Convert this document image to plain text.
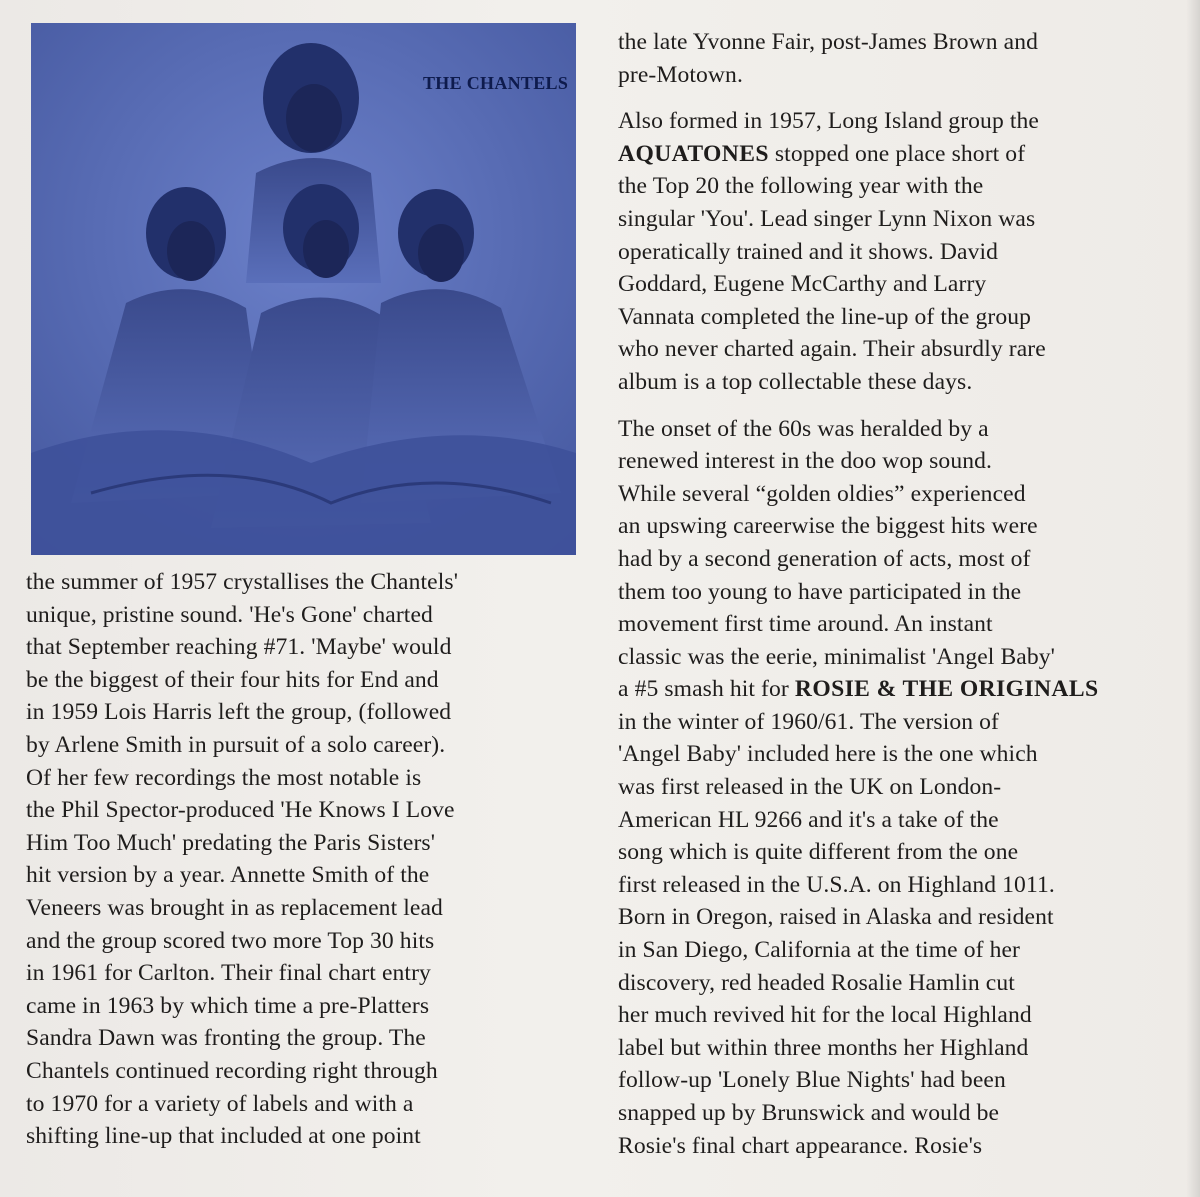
THE CHANTELS
the summer of 1957 crystallises the Chantels'
unique, pristine sound. 'He's Gone' charted
that September reaching #71. 'Maybe' would
be the biggest of their four hits for End and
in 1959 Lois Harris left the group, (followed
by Arlene Smith in pursuit of a solo career).
Of her few recordings the most notable is
the Phil Spector-produced 'He Knows I Love
Him Too Much' predating the Paris Sisters'
hit version by a year. Annette Smith of the
Veneers was brought in as replacement lead
and the group scored two more Top 30 hits
in 1961 for Carlton. Their final chart entry
came in 1963 by which time a pre-Platters
Sandra Dawn was fronting the group. The
Chantels continued recording right through
to 1970 for a variety of labels and with a
shifting line-up that included at one point
the late Yvonne Fair, post-James Brown and
pre-Motown.
Also formed in 1957, Long Island group the
AQUATONES stopped one place short of
the Top 20 the following year with the
singular 'You'. Lead singer Lynn Nixon was
operatically trained and it shows. David
Goddard, Eugene McCarthy and Larry
Vannata completed the line-up of the group
who never charted again. Their absurdly rare
album is a top collectable these days.
The onset of the 60s was heralded by a
renewed interest in the doo wop sound.
While several “golden oldies” experienced
an upswing careerwise the biggest hits were
had by a second generation of acts, most of
them too young to have participated in the
movement first time around. An instant
classic was the eerie, minimalist 'Angel Baby'
a #5 smash hit for ROSIE & THE ORIGINALS
in the winter of 1960/61. The version of
'Angel Baby' included here is the one which
was first released in the UK on London-
American HL 9266 and it's a take of the
song which is quite different from the one
first released in the U.S.A. on Highland 1011.
Born in Oregon, raised in Alaska and resident
in San Diego, California at the time of her
discovery, red headed Rosalie Hamlin cut
her much revived hit for the local Highland
label but within three months her Highland
follow-up 'Lonely Blue Nights' had been
snapped up by Brunswick and would be
Rosie's final chart appearance. Rosie's
